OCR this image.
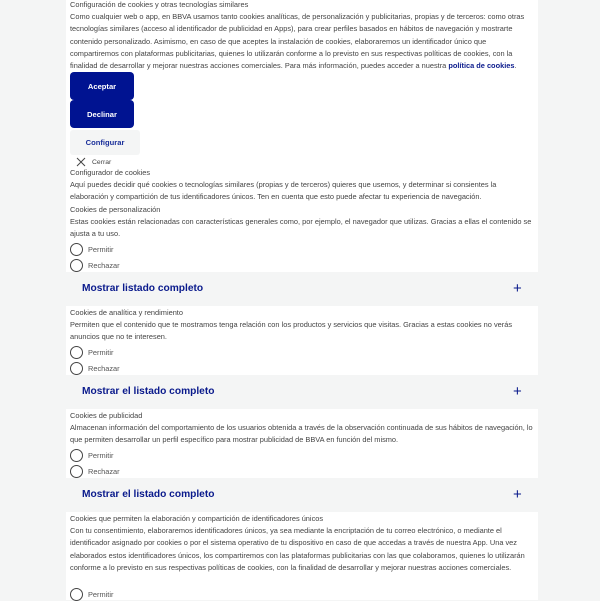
Configuración de cookies y otras tecnologías similares

Como cualquier web o app, en BBVA usamos tanto cookies analíticas, de personalización y publicitarias, propias y de terceros: como otras tecnologías similares (acceso al identificador de publicidad en Apps), para crear perfiles basados en hábitos de navegación y mostrarte contenido personalizado. Asimismo, en caso de que aceptes la instalación de cookies, elaboraremos un identificador único que compartiremos con plataformas publicitarias, quienes lo utilizarán conforme a lo previsto en sus respectivas políticas de cookies, con la finalidad de desarrollar y mejorar nuestras acciones comerciales. Para más información, puedes acceder a nuestra política de cookies.

Aceptar
Declinar
Configurar
Cerrar

Configurador de cookies

Aquí puedes decidir qué cookies o tecnologías similares (propias y de terceros) quieres que usemos, y determinar si consientes la elaboración y compartición de tus identificadores únicos. Ten en cuenta que esto puede afectar tu experiencia de navegación.

Cookies de personalización

Estas cookies están relacionadas con características generales como, por ejemplo, el navegador que utilizas. Gracias a ellas el contenido se ajusta a tu uso.

Permitir
Rechazar
Mostrar listado completo	+

Cookies de analítica y rendimiento

Permiten que el contenido que te mostramos tenga relación con los productos y servicios que visitas. Gracias a estas cookies no verás anuncios que no te interesen.

Permitir
Rechazar
Mostrar el listado completo	+

Cookies de publicidad

Almacenan información del comportamiento de los usuarios obtenida a través de la observación continuada de sus hábitos de navegación, lo que permiten desarrollar un perfil específico para mostrar publicidad de BBVA en función del mismo.

Permitir
Rechazar
Mostrar el listado completo	+

Cookies que permiten la elaboración y compartición de identificadores únicos

Con tu consentimiento, elaboraremos identificadores únicos, ya sea mediante la encriptación de tu correo electrónico, o mediante el identificador asignado por cookies o por el sistema operativo de tu dispositivo en caso de que accedas a través de nuestra App. Una vez elaborados estos identificadores únicos, los compartiremos con las plataformas publicitarias con las que colaboramos, quienes lo utilizarán conforme a lo previsto en sus respectivas políticas de cookies, con la finalidad de desarrollar y mejorar nuestras acciones comerciales.

Permitir
